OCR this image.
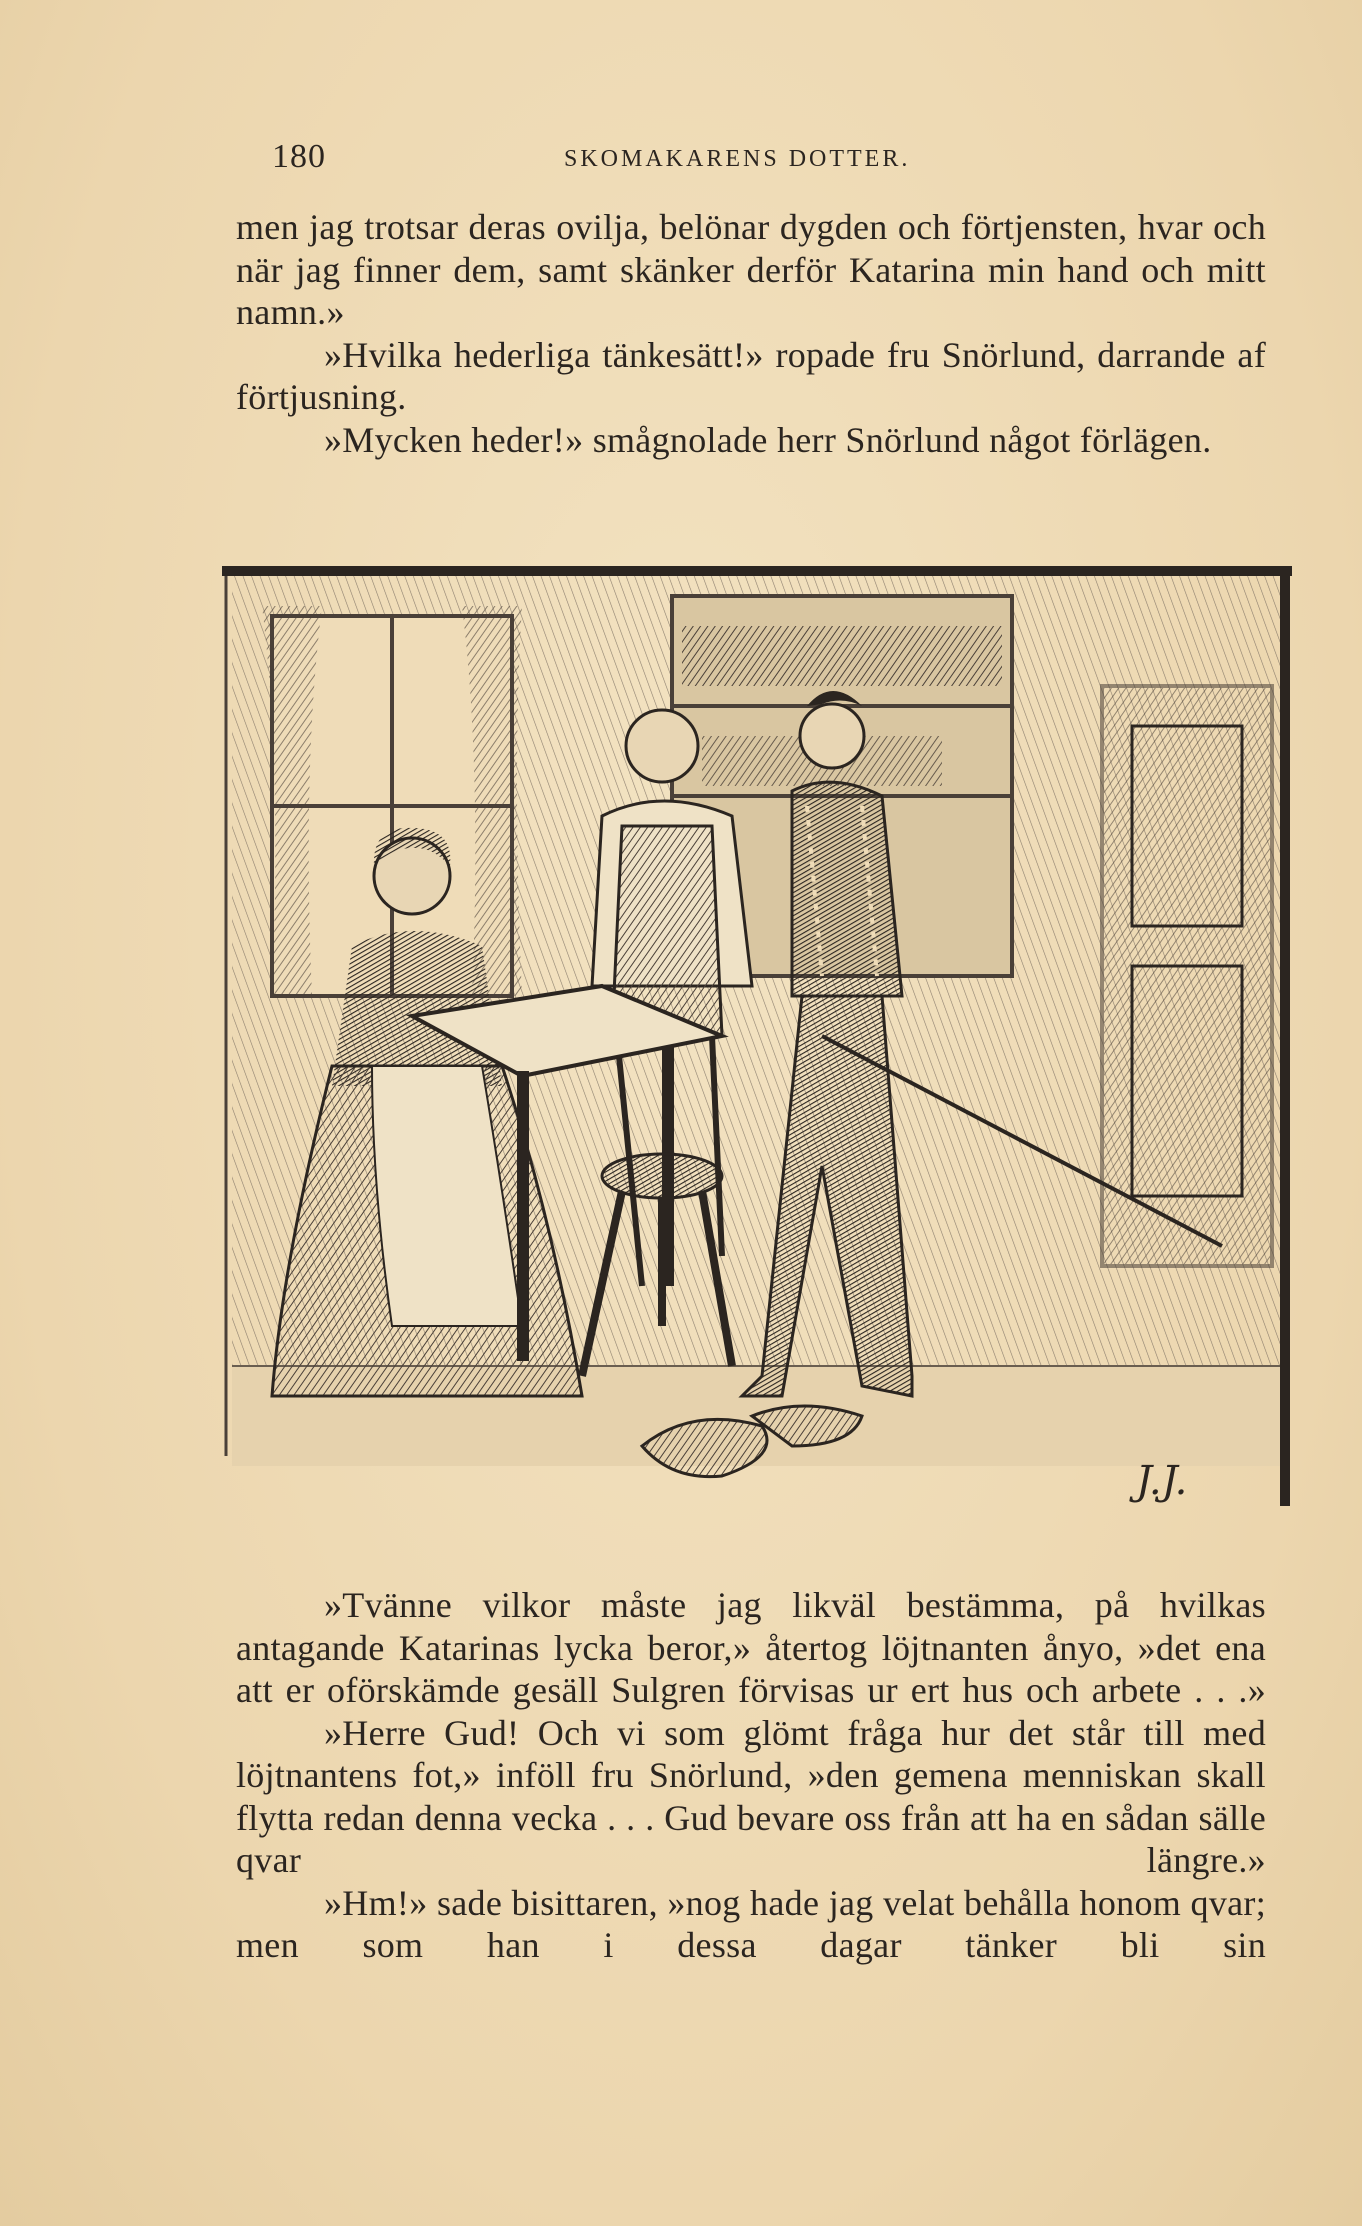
180	SKOMAKARENS DOTTER.

men jag trotsar deras ovilja, belönar dygden och förtjensten, hvar och när jag finner dem, samt skänker derför Katarina min hand och mitt namn.»

»Hvilka hederliga tänkesätt!» ropade fru Snörlund, darrande af förtjusning.

»Mycken heder!» smågnolade herr Snörlund något förlägen.

J.J.

»Tvänne vilkor måste jag likväl bestämma, på hvilkas antagande Katarinas lycka beror,» återtog löjtnanten ånyo, »det ena att er oförskämde gesäll Sulgren förvisas ur ert hus och arbete . . .»

»Herre Gud! Och vi som glömt fråga hur det står till med löjtnantens fot,» inföll fru Snörlund, »den gemena menniskan skall flytta redan denna vecka . . . Gud bevare oss från att ha en sådan sälle qvar längre.»

»Hm!» sade bisittaren, »nog hade jag velat behålla honom qvar; men som han i dessa dagar tänker bli sin
